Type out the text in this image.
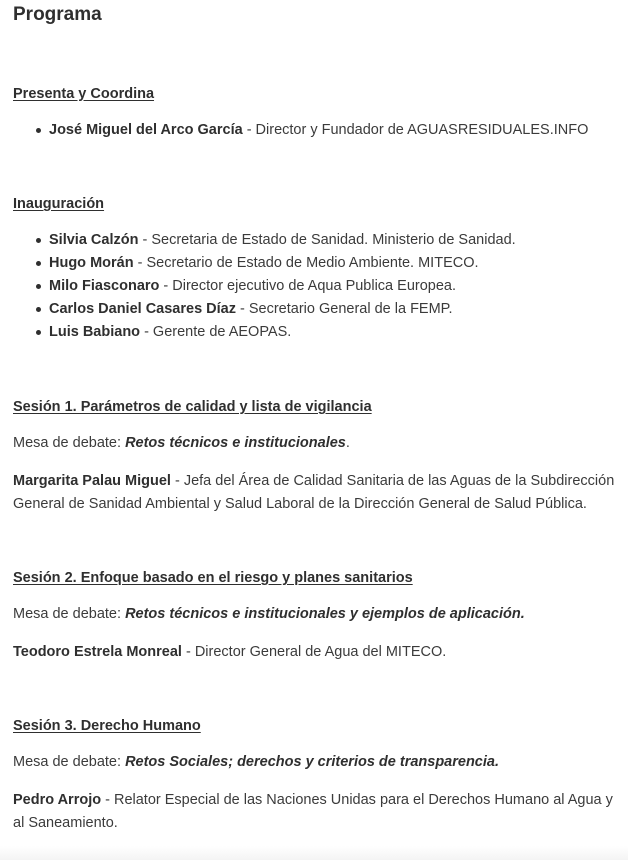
Programa
Presenta y Coordina
José Miguel del Arco García - Director y Fundador de AGUASRESIDUALES.INFO
Inauguración
Silvia Calzón - Secretaria de Estado de Sanidad. Ministerio de Sanidad.
Hugo Morán - Secretario de Estado de Medio Ambiente. MITECO.
Milo Fiasconaro - Director ejecutivo de Aqua Publica Europea.
Carlos Daniel Casares Díaz - Secretario General de la FEMP.
Luis Babiano - Gerente de AEOPAS.
Sesión 1. Parámetros de calidad y lista de vigilancia

Mesa de debate: Retos técnicos e institucionales.

Margarita Palau Miguel - Jefa del Área de Calidad Sanitaria de las Aguas de la Subdirección General de Sanidad Ambiental y Salud Laboral de la Dirección General de Salud Pública.

Sesión 2. Enfoque basado en el riesgo y planes sanitarios

Mesa de debate: Retos técnicos e institucionales y ejemplos de aplicación.

Teodoro Estrela Monreal - Director General de Agua del MITECO.

Sesión 3. Derecho Humano

Mesa de debate: Retos Sociales; derechos y criterios de transparencia.

Pedro Arrojo - Relator Especial de las Naciones Unidas para el Derechos Humano al Agua y al Saneamiento.
